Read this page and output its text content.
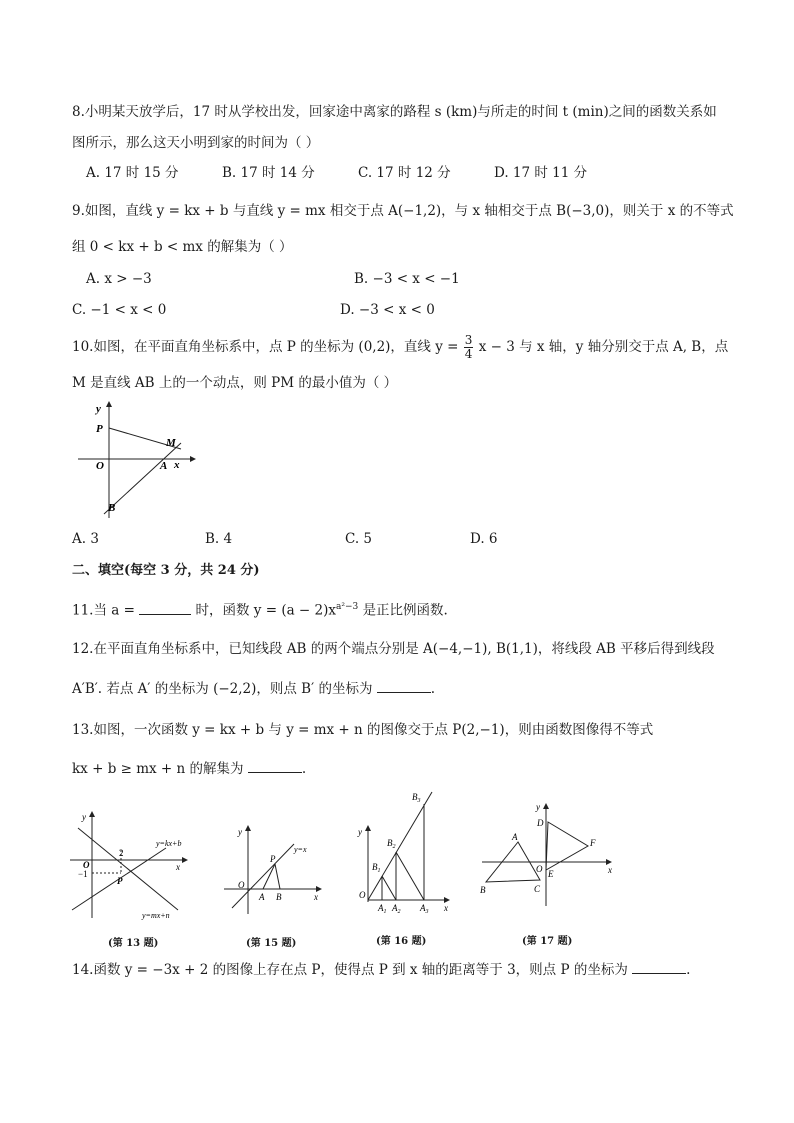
8.小明某天放学后，17 时从学校出发，回家途中离家的路程 s (km)与所走的时间 t (min)之间的函数关系如
图所示，那么这天小明到家的时间为（ ）
A. 17 时 15 分	B. 17 时 14 分	C. 17 时 12 分	D. 17 时 11 分
9.如图，直线 y = kx + b 与直线 y = mx 相交于点 A(−1,2)，与 x 轴相交于点 B(−3,0)，则关于 x 的不等式
组 0 < kx + b < mx 的解集为（ ）
A. x > −3	B. −3 < x < −1
C. −1 < x < 0	D. −3 < x < 0
10.如图，在平面直角坐标系中，点 P 的坐标为 (0,2)，直线 $y = \frac{3}{4}$ x − 3 与 x 轴，y 轴分别交于点 A, B，点
M 是直线 AB 上的一个动点，则 PM 的最小值为（ ）
y
x
P
M
O	A
B
A. 3	B. 4	C. 5	D. 6
二、填空(每空 3 分，共 24 分)
11.当 a =	时，函数 $y = (a - 2)x^{a^2-3}$ 是正比例函数.
12.在平面直角坐标系中，已知线段 AB 的两个端点分别是 A(−4,−1), B(1,1)，将线段 AB 平移后得到线段
A′B′. 若点 A′ 的坐标为 (−2,2)，则点 B′ 的坐标为	.
13.如图，一次函数 y = kx + b 与 y = mx + n 的图像交于点 P(2,−1)，则由函数图像得不等式
kx + b ≥ mx + n 的解集为	.
y
x
O
2
−1
P
y=kx+b
y=mx+n
(第 13 题)
y
x
O
P
A B
y=x
(第 15 题)
y
x
O
$B_1$
$B_2$
$B_3$
$A_1$ $A_2$ $A_3$
(第 16 题)
y
x
O
A
B	C
D
E
F
(第 17 题)
14.函数 y = −3x + 2 的图像上存在点 P，使得点 P 到 x 轴的距离等于 3，则点 P 的坐标为	.
